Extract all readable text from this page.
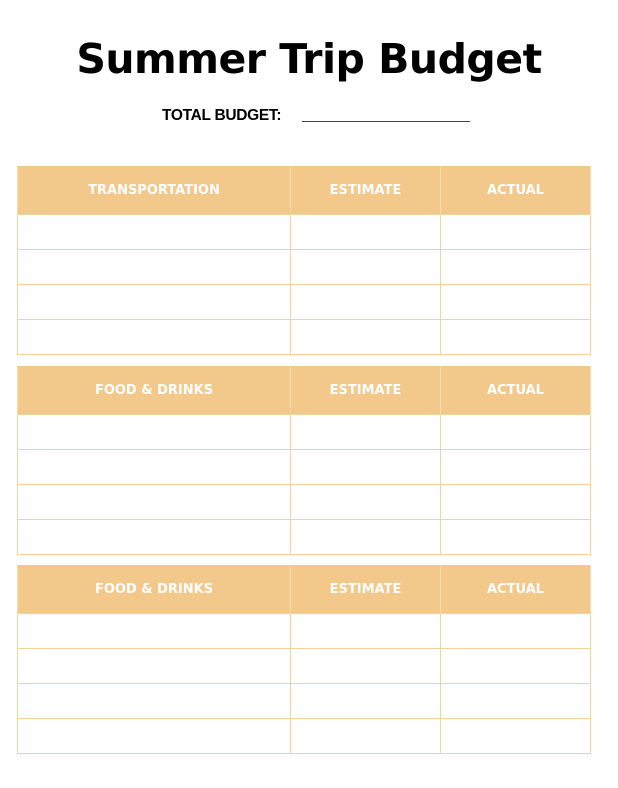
Summer Trip Budget
TOTAL BUDGET:
TRANSPORTATION	ESTIMATE	ACTUAL

FOOD & DRINKS	ESTIMATE	ACTUAL

FOOD & DRINKS	ESTIMATE	ACTUAL
